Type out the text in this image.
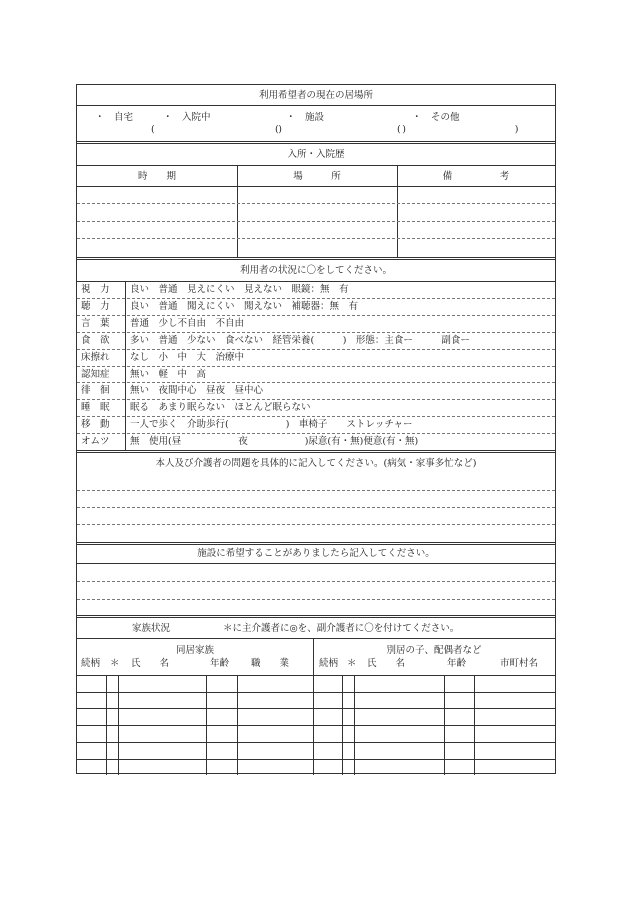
利用希望者の現在の居場所
・　自宅	・　入院中	・　施設	・　その他
(　　　　　　　　　　　　　)
(　　　　　　　　　　　　　)
(　　　　　　　　　　　　)
入所・入院歴
時　　期	場　　　所	備　　　　　考
利用者の状況に〇をしてください。
本人及び介護者の問題を具体的に記入してください。(病気・家事多忙など)
施設に希望することがありましたら記入してください。
家族状況	＊に主介護者に◎を、副介護者に〇を付けてください。
同居家族	別居の子、配偶者など
続柄 ＊ 氏　　名	年齢 職　　業	続柄 ＊ 氏　　名	年齢	市町村名
視　力 良い　普通　見えにくい　見えない　眼鏡：無　有
聴　力 良い　普通　聞えにくい　聞えない　補聴器：無　有
言　葉 普通　少し不自由　不自由
食　欲 多い　普通　少ない　食べない　経管栄養(　　　)　形態：主食ー　　　副食ー
床擦れ なし　小　中　大　治療中
認知症 無い　軽　中　高
徘　徊 無い　夜間中心　昼夜　昼中心
睡　眠 眠る　あまり眠らない　ほとんど眠らない
移　動 一人で歩く　介助歩行(　　　　　　)　車椅子　　ストレッチャー
オムツ 無　使用(昼　　　　　　夜　　　　　　)尿意(有・無)便意(有・無)
